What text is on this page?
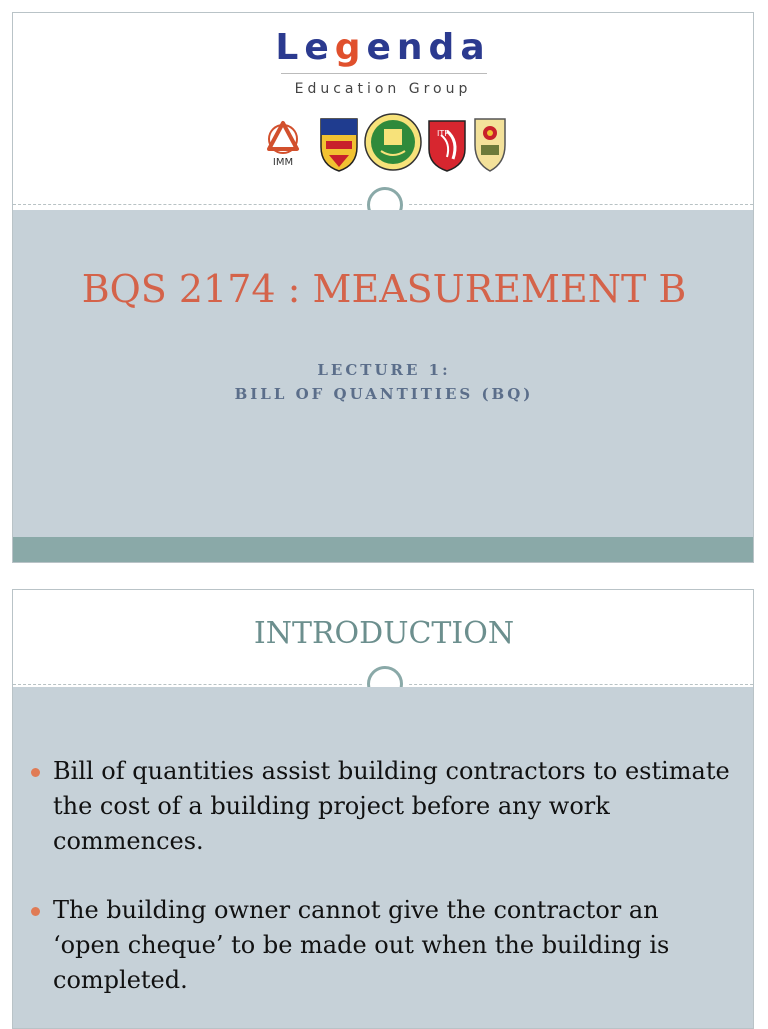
Legenda
Education Group
IMM
ITP
BQS 2174 : MEASUREMENT B
LECTURE 1:
BILL OF QUANTITIES (BQ)
INTRODUCTION
Bill of quantities assist building contractors to estimate the cost of a building project before any work commences.
The building owner cannot give the contractor an ‘open cheque’ to be made out when the building is completed.
